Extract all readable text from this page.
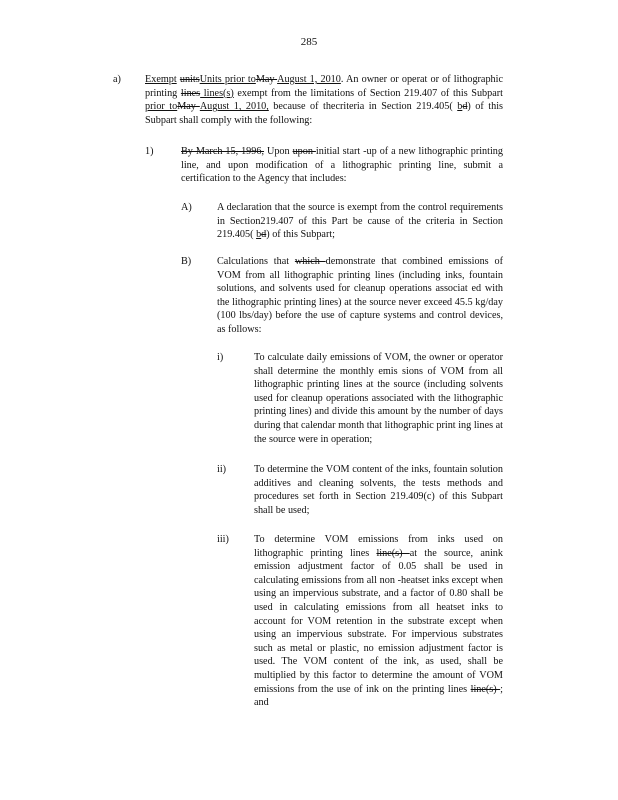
285
a) Exempt unitsUnits prior toMay August 1, 2010. An owner or operat or of lithographic printing lines lines(s) exempt from the limitations of Section 219.407 of this Subpart prior toMay August 1, 2010, because of thecriteria in Section 219.405( bd) of this Subpart shall comply with the following:
1)	By March 15, 1996, Upon upon initial start -up of a new lithographic printing line, and upon modification of a lithographic printing line, submit a certification to the Agency that includes:
A) A declaration that the source is exempt from the control requirements in Section219.407 of this Part be cause of the criteria in Section 219.405( bd) of this Subpart;
B)	Calculations that which demonstrate that combined emissions of VOM from all lithographic printing lines (including inks, fountain solutions, and solvents used for cleanup operations associat ed with the lithographic printing lines) at the source never exceed 45.5 kg/day (100 lbs/day) before the use of capture systems and control devices, as follows:
i)	To calculate daily emissions of VOM, the owner or operator shall determine the monthly emis sions of VOM from all lithographic printing lines at the source (including solvents used for cleanup operations associated with the lithographic printing lines) and divide this amount by the number of days during that calendar month that lithographic print ing lines at the source were in operation;
ii)	To determine the VOM content of the inks, fountain solution additives and cleaning solvents, the tests methods and procedures set forth in Section 219.409(c) of this Subpart shall be used;
iii) To determine VOM emissions from inks used on lithographic printing lines line(s) at the source, anink emission adjustment factor of 0.05 shall be used in calculating emissions from all non -heatset inks except when using an impervious substrate, and a factor of 0.80 shall be used in calculating emissions from all heatset inks to account for VOM retention in the substrate except when using an impervious substrate. For impervious substrates such as metal or plastic, no emission adjustment factor is used. The VOM content of the ink, as used, shall be multiplied by this factor to determine the amount of VOM emissions from the use of ink on the printing lines line(s) ; and
